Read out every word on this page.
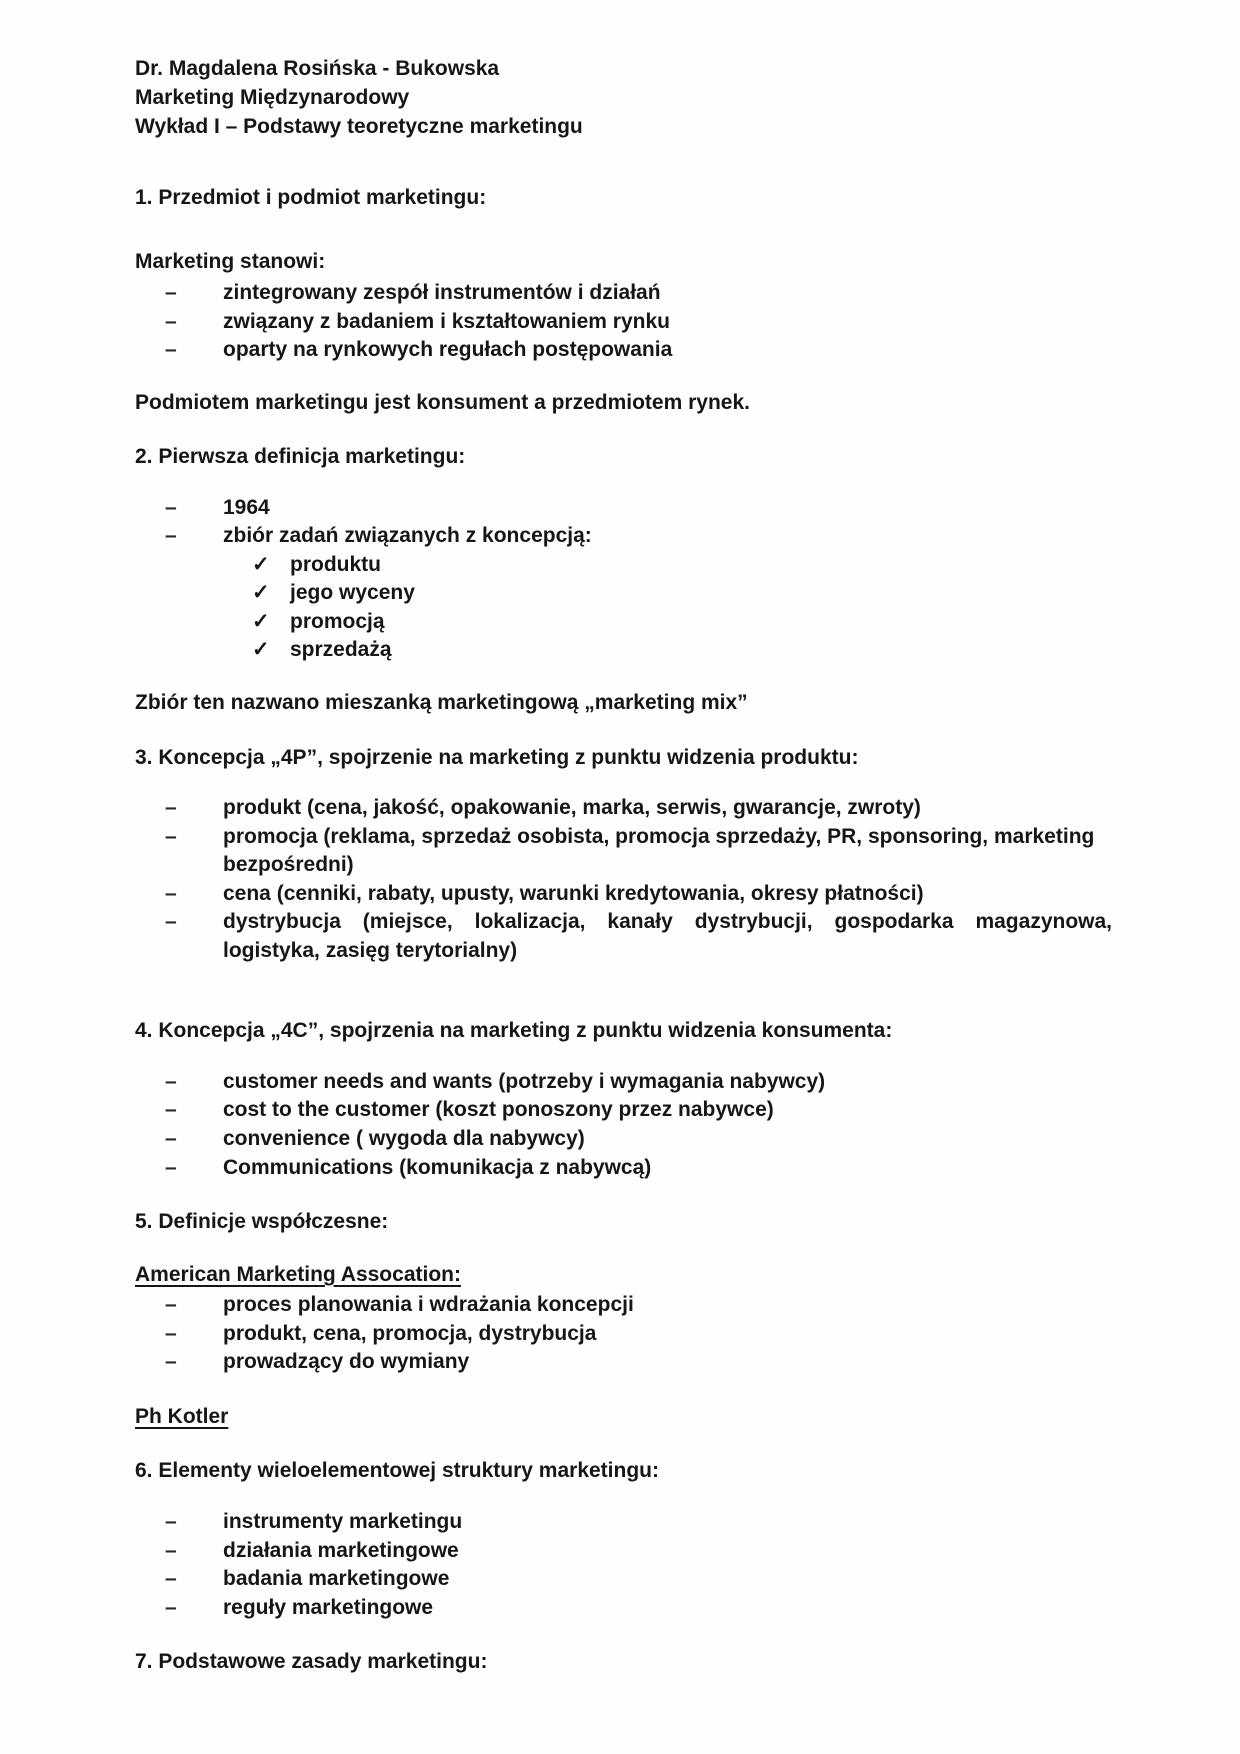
Dr. Magdalena Rosińska - Bukowska
Marketing Międzynarodowy
Wykład I – Podstawy teoretyczne marketingu
1. Przedmiot i podmiot marketingu:
Marketing stanowi:
–	zintegrowany zespół instrumentów i działań
–	związany z badaniem i kształtowaniem rynku
–	oparty na rynkowych regułach postępowania
Podmiotem marketingu jest konsument a przedmiotem rynek.
2. Pierwsza definicja marketingu:
–	1964
–	zbiór zadań związanych z koncepcją:
✓ produktu
✓ jego wyceny
✓ promocją
✓ sprzedażą
Zbiór ten nazwano mieszanką marketingową „marketing mix”
3. Koncepcja „4P”, spojrzenie na marketing z punktu widzenia produktu:
–	produkt (cena, jakość, opakowanie, marka, serwis, gwarancje, zwroty)
–	promocja (reklama, sprzedaż osobista, promocja sprzedaży, PR, sponsoring, marketing bezpośredni)
–	cena (cenniki, rabaty, upusty, warunki kredytowania, okresy płatności)
–	dystrybucja (miejsce, lokalizacja, kanały dystrybucji, gospodarka magazynowa, logistyka, zasięg terytorialny)
4. Koncepcja „4C”, spojrzenia na marketing z punktu widzenia konsumenta:
–	customer needs and wants (potrzeby i wymagania nabywcy)
–	cost to the customer (koszt ponoszony przez nabywce)
–	convenience ( wygoda dla nabywcy)
–	Communications (komunikacja z nabywcą)
5. Definicje współczesne:
American Marketing Assocation:
–	proces planowania i wdrażania koncepcji
–	produkt, cena, promocja, dystrybucja
–	prowadzący do wymiany
Ph Kotler
6. Elementy wieloelementowej struktury marketingu:
–	instrumenty marketingu
–	działania marketingowe
–	badania marketingowe
–	reguły marketingowe
7. Podstawowe zasady marketingu:
